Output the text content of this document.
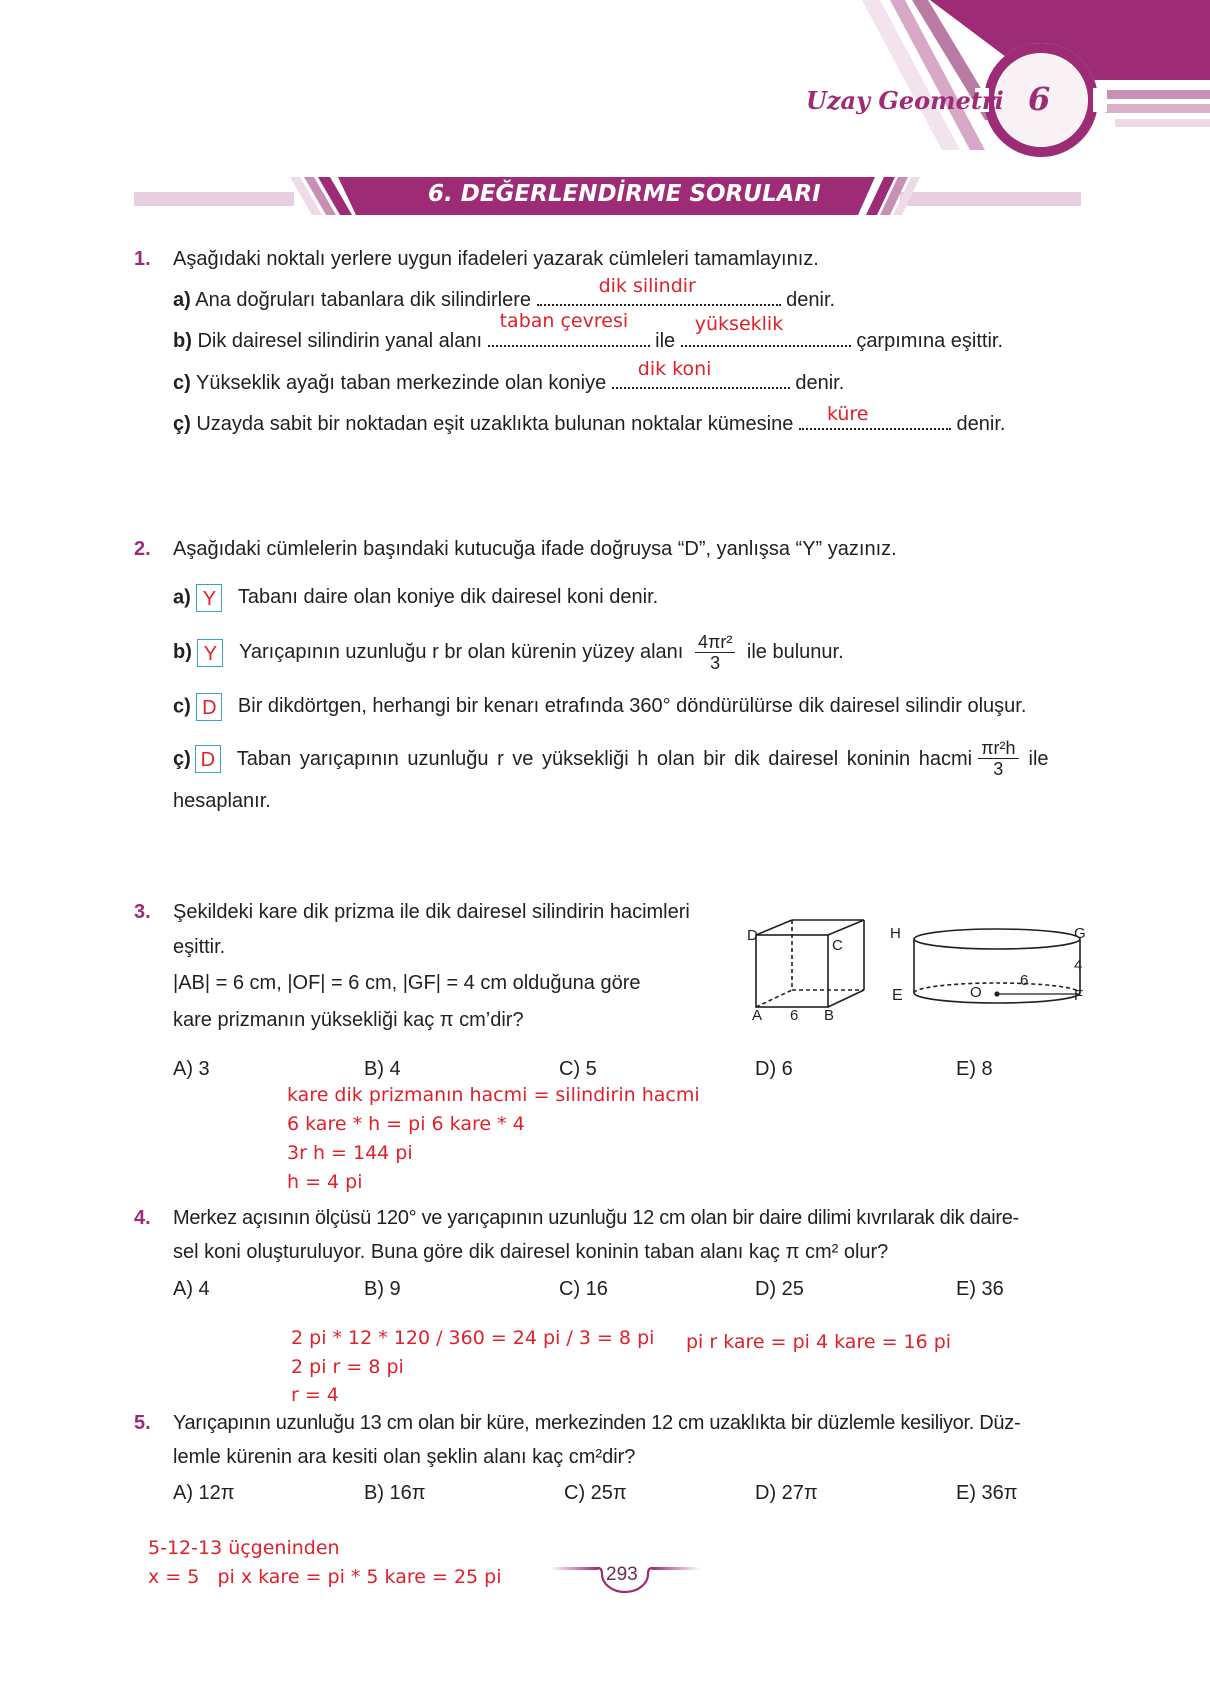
Uzay Geometri 6
6. DEĞERLENDİRME SORULARI
1. Aşağıdaki noktalı yerlere uygun ifadeleri yazarak cümleleri tamamlayınız.
a) Ana doğruları tabanlara dik silindirlere
dik silindir
denir.
b) Dik dairesel silindirin yanal alanı
taban çevresi
ile
yükseklik
çarpımına eşittir.
c) Yükseklik ayağı taban merkezinde olan koniye
dik koni
denir.
ç) Uzayda sabit bir noktadan eşit uzaklıkta bulunan noktalar kümesine küre	denir.
2. Aşağıdaki cümlelerin başındaki kutucuğa ifade doğruysa “D”, yanlışsa “Y” yazınız.
a) Y Tabanı daire olan koniye dik dairesel koni denir.
b) Y Yarıçapının uzunluğu r br olan kürenin yüzey alanı $\frac{\text{4πr²}}{3}$ ile bulunur.
c) D Bir dikdörtgen, herhangi bir kenarı etrafında 360° döndürülürse dik dairesel silindir oluşur.
ç) D Taban yarıçapının uzunluğu r ve yüksekliği h olan bir dik dairesel koninin hacmi $\frac{\text{πr²h}}{3}$ ile
hesaplanır.
3. Şekildeki kare dik prizma ile dik dairesel silindirin hacimleri
eşittir.
|AB| = 6 cm, |OF| = 6 cm, |GF| = 4 cm olduğuna göre
kare prizmanın yüksekliği kaç π cm’dir?
D
C
A 6 B
H	G
4
E	O
6
F
A) 3	B) 4	C) 5	D) 6	E) 8
kare dik prizmanın hacmi = silindirin hacmi
6 kare * h = pi 6 kare * 4
3r h = 144 pi
h = 4 pi
4. Merkez açısının ölçüsü 120° ve yarıçapının uzunluğu 12 cm olan bir daire dilimi kıvrılarak dik daire-
sel koni oluşturuluyor. Buna göre dik dairesel koninin taban alanı kaç π cm² olur?
A) 4	B) 9	C) 16	D) 25	E) 36
2 pi * 12 * 120 / 360 = 24 pi / 3 = 8 pi
2 pi r = 8 pi
r = 4
pi r kare = pi 4 kare = 16 pi
5. Yarıçapının uzunluğu 13 cm olan bir küre, merkezinden 12 cm uzaklıkta bir düzlemle kesiliyor. Düz-
lemle kürenin ara kesiti olan şeklin alanı kaç cm²dir?
A) 12π	B) 16π	C) 25π	D) 27π	E) 36π
5-12-13 üçgeninden
x = 5   pi x kare = pi * 5 kare = 25 pi	293
